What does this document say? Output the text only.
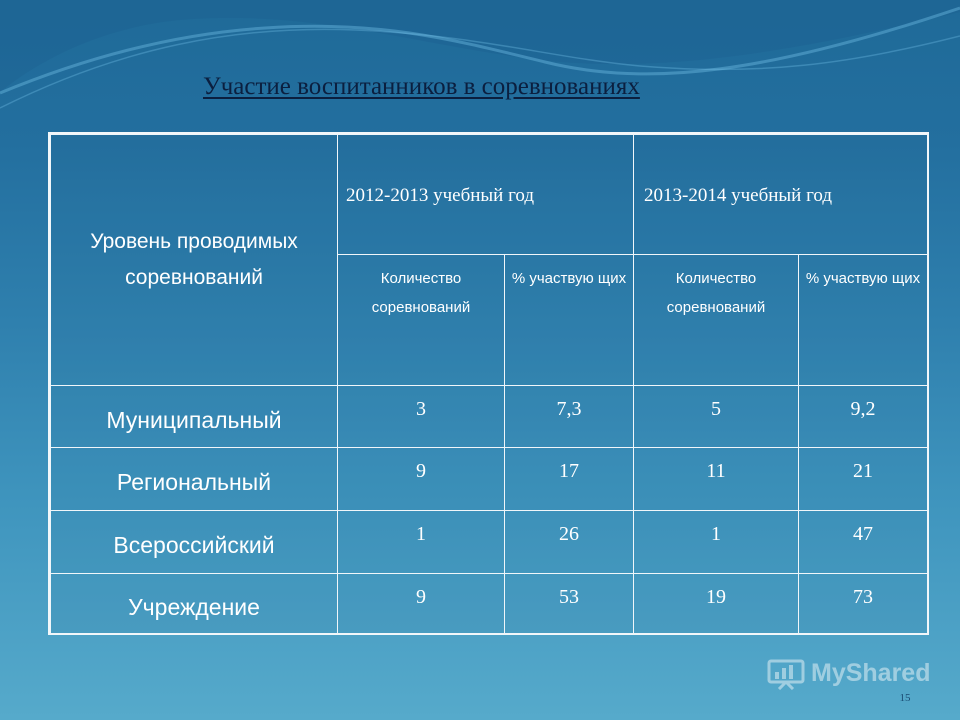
Участие воспитанников в соревнованиях
Уровень проводимых соревнований	2012-2013 учебный год		2013-2014 учебный год	
	Количество соревнований	% участвую щих	Количество соревнований	% участвую щих
Муниципальный	3	7,3	5	9,2
Региональный	9	17	11	21
Всероссийский	1	26	1	47
Учреждение	9	53	19	73
MyShared
15
